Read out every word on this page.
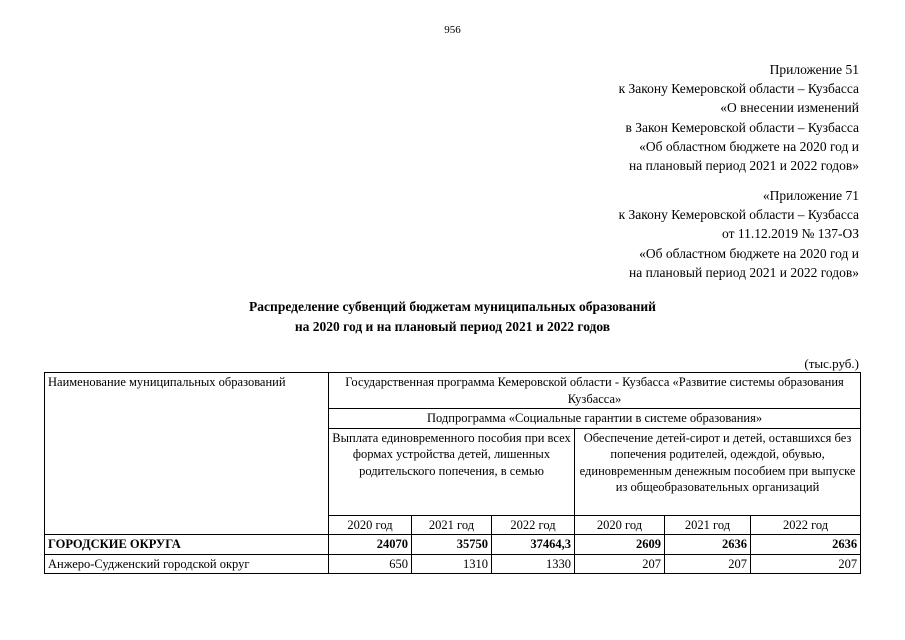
956
Приложение 51
к Закону Кемеровской области – Кузбасса
«О внесении изменений
в Закон Кемеровской области – Кузбасса
«Об областном бюджете на 2020 год и
на плановый период 2021 и 2022 годов»
«Приложение 71
к Закону Кемеровской области – Кузбасса
от 11.12.2019 № 137-ОЗ
«Об областном бюджете на 2020 год и
на плановый период 2021 и 2022 годов»
Распределение субвенций бюджетам муниципальных образований
на 2020 год и на плановый период 2021 и 2022 годов
(тыс.руб.)
Наименование муниципальных образований	Государственная программа Кемеровской области - Кузбасса «Развитие системы образования Кузбасса»					
	Подпрограмма «Социальные гарантии в системе образования»					
	Выплата единовременного пособия при всех формах устройства детей, лишенных родительского попечения, в семью			Обеспечение детей-сирот и детей, оставшихся без попечения родителей, одеждой, обувью, единовременным денежным пособием при выпуске из общеобразовательных организаций		
	2020 год	2021 год	2022 год	2020 год	2021 год	2022 год
ГОРОДСКИЕ ОКРУГА	24070	35750	37464,3	2609	2636	2636
Анжеро-Судженский городской округ	650	1310	1330	207	207	207
